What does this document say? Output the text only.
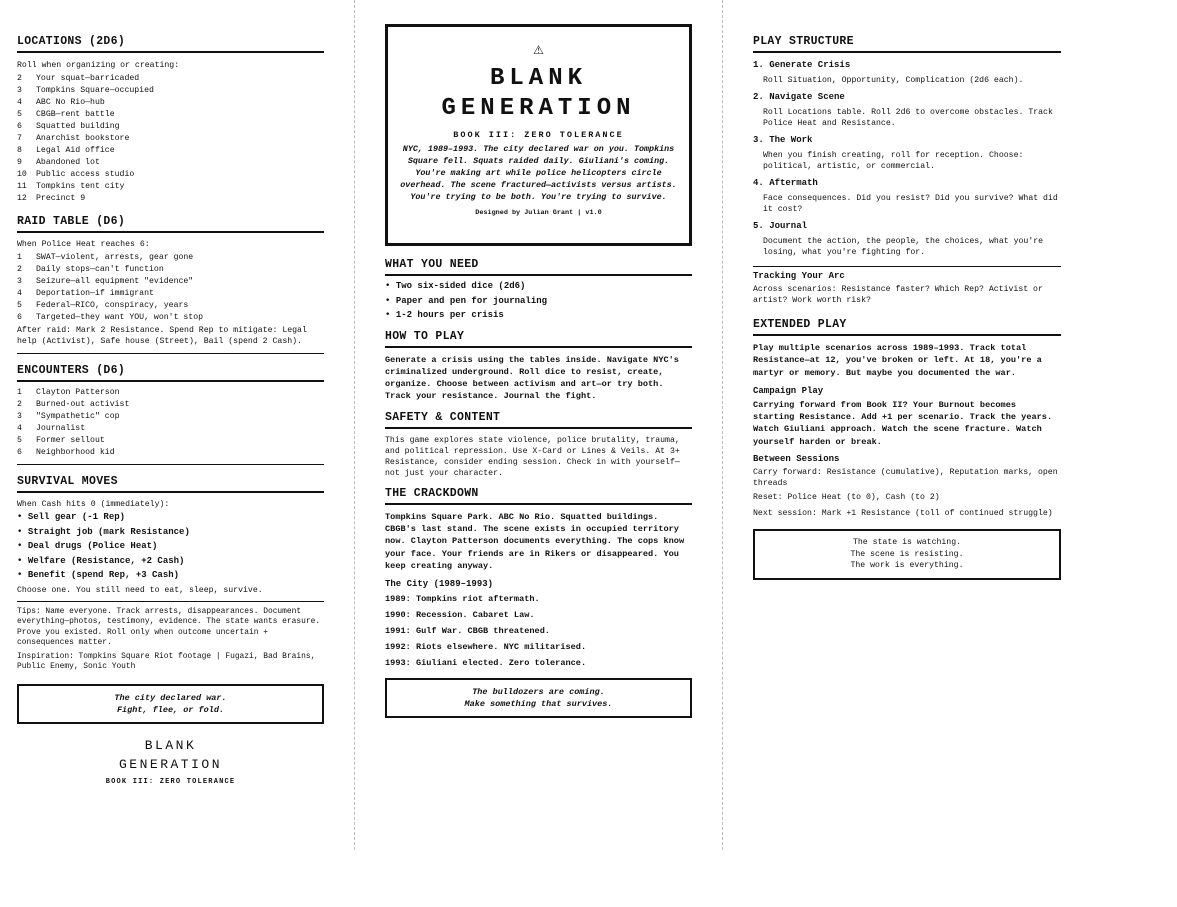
LOCATIONS (2D6)
Roll when organizing or creating:
2	Your squat—barricaded
3	Tompkins Square—occupied
4	ABC No Rio—hub
5	CBGB—rent battle
6	Squatted building
7	Anarchist bookstore
8	Legal Aid office
9	Abandoned lot
10	Public access studio
11	Tompkins tent city
12	Precinct 9
RAID TABLE (D6)
When Police Heat reaches 6:
1	SWAT—violent, arrests, gear gone
2	Daily stops—can't function
3	Seizure—all equipment "evidence"
4	Deportation—if immigrant
5	Federal—RICO, conspiracy, years
6	Targeted—they want YOU, won't stop
After raid: Mark 2 Resistance. Spend Rep to mitigate: Legal help (Activist), Safe house (Street), Bail (spend 2 Cash).
ENCOUNTERS (D6)
1	Clayton Patterson
2	Burned-out activist
3	"Sympathetic" cop
4	Journalist
5	Former sellout
6	Neighborhood kid
SURVIVAL MOVES
When Cash hits 0 (immediately):
• Sell gear (-1 Rep)
• Straight job (mark Resistance)
• Deal drugs (Police Heat)
• Welfare (Resistance, +2 Cash)
• Benefit (spend Rep, +3 Cash)
Choose one. You still need to eat, sleep, survive.
Tips: Name everyone. Track arrests, disappearances. Document everything—photos, testimony, evidence. The state wants erasure. Prove you existed. Roll only when outcome uncertain + consequences matter.
Inspiration: Tompkins Square Riot footage | Fugazi, Bad Brains, Public Enemy, Sonic Youth
The city declared war.
Fight, flee, or fold.
BLANK
GENERATION
BOOK III: ZERO TOLERANCE
⚠
BLANK
GENERATION
BOOK III: ZERO TOLERANCE
NYC, 1989–1993. The city declared war on you. Tompkins Square fell. Squats raided daily. Giuliani's coming. You're making art while police helicopters circle overhead. The scene fractured—activists versus artists. You're trying to be both. You're trying to survive.
Designed by Julian Grant | v1.0
WHAT YOU NEED
• Two six-sided dice (2d6)
• Paper and pen for journaling
• 1-2 hours per crisis
HOW TO PLAY
Generate a crisis using the tables inside. Navigate NYC's criminalized underground. Roll dice to resist, create, organize. Choose between activism and art—or try both. Track your resistance. Journal the fight.
SAFETY & CONTENT
This game explores state violence, police brutality, trauma, and political repression. Use X-Card or Lines & Veils. At 3+ Resistance, consider ending session. Check in with yourself—not just your character.
THE CRACKDOWN
Tompkins Square Park. ABC No Rio. Squatted buildings. CBGB's last stand. The scene exists in occupied territory now. Clayton Patterson documents everything. The cops know your face. Your friends are in Rikers or disappeared. You keep creating anyway.
The City (1989–1993)
1989: Tompkins riot aftermath.
1990: Recession. Cabaret Law.
1991: Gulf War. CBGB threatened.
1992: Riots elsewhere. NYC militarised.
1993: Giuliani elected. Zero tolerance.
The bulldozers are coming.
Make something that survives.
PLAY STRUCTURE
1. Generate Crisis
Roll Situation, Opportunity, Complication (2d6 each).
2. Navigate Scene
Roll Locations table. Roll 2d6 to overcome obstacles. Track Police Heat and Resistance.
3. The Work
When you finish creating, roll for reception. Choose: political, artistic, or commercial.
4. Aftermath
Face consequences. Did you resist? Did you survive? What did it cost?
5. Journal
Document the action, the people, the choices, what you're losing, what you're fighting for.
Tracking Your Arc
Across scenarios: Resistance faster? Which Rep? Activist or artist? Work worth risk?
EXTENDED PLAY
Play multiple scenarios across 1989–1993. Track total Resistance—at 12, you've broken or left. At 18, you're a martyr or memory. But maybe you documented the war.
Campaign Play
Carrying forward from Book II? Your Burnout becomes starting Resistance. Add +1 per scenario. Track the years. Watch Giuliani approach. Watch the scene fracture. Watch yourself harden or break.
Between Sessions
Carry forward: Resistance (cumulative), Reputation marks, open threads
Reset: Police Heat (to 0), Cash (to 2)
Next session: Mark +1 Resistance (toll of continued struggle)
The state is watching.
The scene is resisting.
The work is everything.
